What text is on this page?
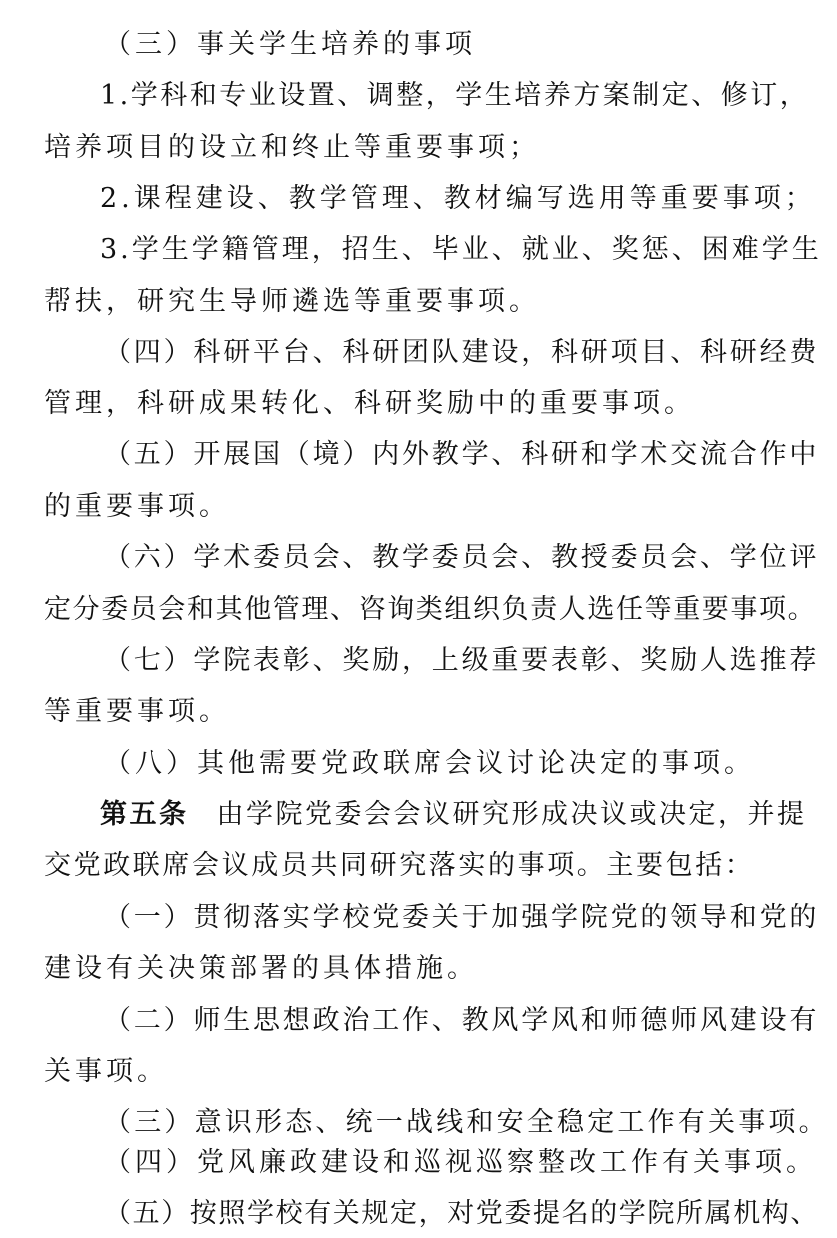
（三）事关学生培养的事项
1.学科和专业设置、调整，学生培养方案制定、修订，
培养项目的设立和终止等重要事项；
2.课程建设、教学管理、教材编写选用等重要事项；
3.学生学籍管理，招生、毕业、就业、奖惩、困难学生
帮扶，研究生导师遴选等重要事项。
（四）科研平台、科研团队建设，科研项目、科研经费
管理，科研成果转化、科研奖励中的重要事项。
（五）开展国（境）内外教学、科研和学术交流合作中
的重要事项。
（六）学术委员会、教学委员会、教授委员会、学位评
定分委员会和其他管理、咨询类组织负责人选任等重要事项。
（七）学院表彰、奖励，上级重要表彰、奖励人选推荐
等重要事项。
（八）其他需要党政联席会议讨论决定的事项。
第五条 由学院党委会会议研究形成决议或决定，并提
交党政联席会议成员共同研究落实的事项。主要包括：
（一）贯彻落实学校党委关于加强学院党的领导和党的
建设有关决策部署的具体措施。
（二）师生思想政治工作、教风学风和师德师风建设有
关事项。
（三）意识形态、统一战线和安全稳定工作有关事项。
（四）党风廉政建设和巡视巡察整改工作有关事项。
（五）按照学校有关规定，对党委提名的学院所属机构、
